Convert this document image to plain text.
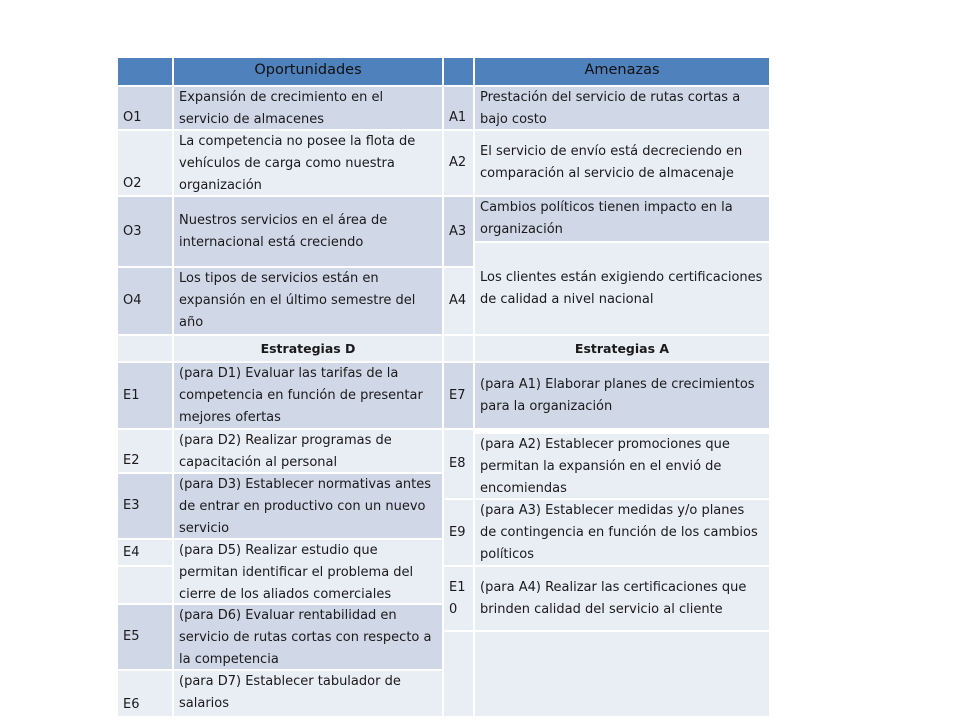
Oportunidades	Amenazas
O1
Expansión de crecimiento en el servicio de almacenes
O2
La competencia no posee la flota de vehículos de carga como nuestra organización
O3
Nuestros servicios en el área de internacional está creciendo
O4
Los tipos de servicios están en expansión en el último semestre del año
A1
A2
A3
A4
Prestación del servicio de rutas cortas a bajo costo
El servicio de envío está decreciendo en comparación al servicio de almacenaje
Cambios políticos tienen impacto en la organización
Los clientes están exigiendo certificaciones de calidad a nivel nacional
Estrategias D	Estrategias A
E1
E2
E3
E4
E5
E6
(para D1) Evaluar las tarifas de la competencia en función de presentar mejores ofertas
(para D2) Realizar programas de capacitación al personal
(para D3) Establecer normativas antes de entrar en productivo con un nuevo servicio
(para D5) Realizar estudio que permitan identificar el problema del cierre de los aliados comerciales
(para D6) Evaluar rentabilidad en servicio de rutas cortas con respecto a la competencia
(para D7) Establecer tabulador de salarios
E7
E8
E9
E1
0
(para A1) Elaborar planes de crecimientos para la organización
(para A2) Establecer promociones que permitan la expansión en el envió de encomiendas
(para A3) Establecer medidas y/o planes de contingencia en función de los cambios políticos
(para A4) Realizar las certificaciones que brinden calidad del servicio al cliente
